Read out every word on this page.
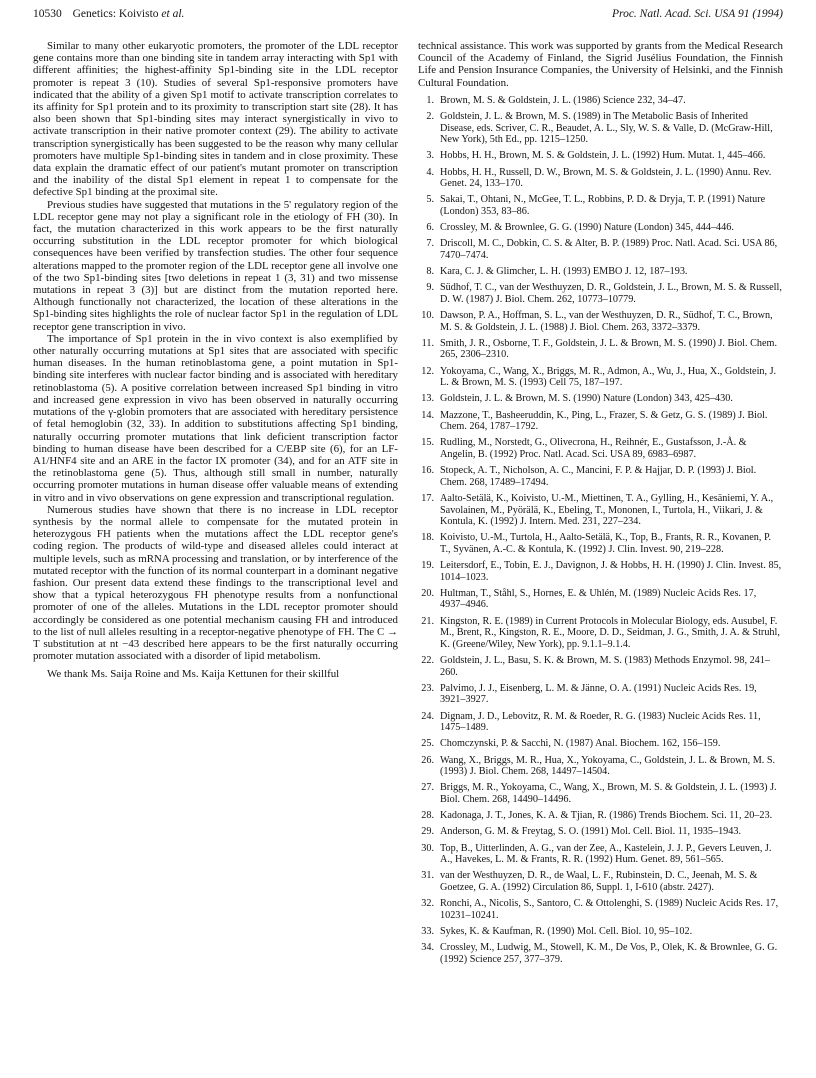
10530 Genetics: Koivisto et al.	Proc. Natl. Acad. Sci. USA 91 (1994)

Similar to many other eukaryotic promoters, the promoter of the LDL receptor gene contains more than one binding site in tandem array interacting with Sp1 with different affinities; the highest-affinity Sp1-binding site in the LDL receptor promoter is repeat 3 (10). Studies of several Sp1-responsive promoters have indicated that the ability of a given Sp1 motif to activate transcription correlates to its affinity for Sp1 protein and to its proximity to transcription start site (28). It has also been shown that Sp1-binding sites may interact synergistically in vivo to activate transcription in their native promoter context (29). The ability to activate transcription synergistically has been suggested to be the reason why many cellular promoters have multiple Sp1-binding sites in tandem and in close proximity. These data explain the dramatic effect of our patient's mutant promoter on transcription and the inability of the distal Sp1 element in repeat 1 to compensate for the defective Sp1 binding at the proximal site.

Previous studies have suggested that mutations in the 5' regulatory region of the LDL receptor gene may not play a significant role in the etiology of FH (30). In fact, the mutation characterized in this work appears to be the first naturally occurring substitution in the LDL receptor promoter for which biological consequences have been verified by transfection studies. The other four sequence alterations mapped to the promoter region of the LDL receptor gene all involve one of the two Sp1-binding sites [two deletions in repeat 1 (3, 31) and two missense mutations in repeat 3 (3)] but are distinct from the mutation reported here. Although functionally not characterized, the location of these alterations in the Sp1-binding sites highlights the role of nuclear factor Sp1 in the regulation of LDL receptor gene transcription in vivo.

The importance of Sp1 protein in the in vivo context is also exemplified by other naturally occurring mutations at Sp1 sites that are associated with specific human diseases. In the human retinoblastoma gene, a point mutation in Sp1-binding site interferes with nuclear factor binding and is associated with hereditary retinoblastoma (5). A positive correlation between increased Sp1 binding in vitro and increased gene expression in vivo has been observed in naturally occurring mutations of the γ-globin promoters that are associated with hereditary persistence of fetal hemoglobin (32, 33). In addition to substitutions affecting Sp1 binding, naturally occurring promoter mutations that link deficient transcription factor binding to human disease have been described for a C/EBP site (6), for an LF-A1/HNF4 site and an ARE in the factor IX promoter (34), and for an ATF site in the retinoblastoma gene (5). Thus, although still small in number, naturally occurring promoter mutations in human disease offer valuable means of extending in vitro and in vivo observations on gene expression and transcriptional regulation.

Numerous studies have shown that there is no increase in LDL receptor synthesis by the normal allele to compensate for the mutated protein in heterozygous FH patients when the mutations affect the LDL receptor gene's coding region. The products of wild-type and diseased alleles could interact at multiple levels, such as mRNA processing and translation, or by interference of the mutated receptor with the function of its normal counterpart in a dominant negative fashion. Our present data extend these findings to the transcriptional level and show that a typical heterozygous FH phenotype results from a nonfunctional promoter of one of the alleles. Mutations in the LDL receptor promoter should accordingly be considered as one potential mechanism causing FH and introduced to the list of null alleles resulting in a receptor-negative phenotype of FH. The C → T substitution at nt −43 described here appears to be the first naturally occurring promoter mutation associated with a disorder of lipid metabolism.

We thank Ms. Saija Roine and Ms. Kaija Kettunen for their skillful

technical assistance. This work was supported by grants from the Medical Research Council of the Academy of Finland, the Sigrid Jusélius Foundation, the Finnish Life and Pension Insurance Companies, the University of Helsinki, and the Finnish Cultural Foundation.

1. Brown, M. S. & Goldstein, J. L. (1986) Science 232, 34–47.
2. Goldstein, J. L. & Brown, M. S. (1989) in The Metabolic Basis of Inherited Disease, eds. Scriver, C. R., Beaudet, A. L., Sly, W. S. & Valle, D. (McGraw-Hill, New York), 5th Ed., pp. 1215–1250.
3. Hobbs, H. H., Brown, M. S. & Goldstein, J. L. (1992) Hum. Mutat. 1, 445–466.
4. Hobbs, H. H., Russell, D. W., Brown, M. S. & Goldstein, J. L. (1990) Annu. Rev. Genet. 24, 133–170.
5. Sakai, T., Ohtani, N., McGee, T. L., Robbins, P. D. & Dryja, T. P. (1991) Nature (London) 353, 83–86.
6. Crossley, M. & Brownlee, G. G. (1990) Nature (London) 345, 444–446.
7. Driscoll, M. C., Dobkin, C. S. & Alter, B. P. (1989) Proc. Natl. Acad. Sci. USA 86, 7470–7474.
8. Kara, C. J. & Glimcher, L. H. (1993) EMBO J. 12, 187–193.
9. Südhof, T. C., van der Westhuyzen, D. R., Goldstein, J. L., Brown, M. S. & Russell, D. W. (1987) J. Biol. Chem. 262, 10773–10779.
10. Dawson, P. A., Hoffman, S. L., van der Westhuyzen, D. R., Südhof, T. C., Brown, M. S. & Goldstein, J. L. (1988) J. Biol. Chem. 263, 3372–3379.
11. Smith, J. R., Osborne, T. F., Goldstein, J. L. & Brown, M. S. (1990) J. Biol. Chem. 265, 2306–2310.
12. Yokoyama, C., Wang, X., Briggs, M. R., Admon, A., Wu, J., Hua, X., Goldstein, J. L. & Brown, M. S. (1993) Cell 75, 187–197.
13. Goldstein, J. L. & Brown, M. S. (1990) Nature (London) 343, 425–430.
14. Mazzone, T., Basheeruddin, K., Ping, L., Frazer, S. & Getz, G. S. (1989) J. Biol. Chem. 264, 1787–1792.
15. Rudling, M., Norstedt, G., Olivecrona, H., Reihnér, E., Gustafsson, J.-Å. & Angelin, B. (1992) Proc. Natl. Acad. Sci. USA 89, 6983–6987.
16. Stopeck, A. T., Nicholson, A. C., Mancini, F. P. & Hajjar, D. P. (1993) J. Biol. Chem. 268, 17489–17494.
17. Aalto-Setälä, K., Koivisto, U.-M., Miettinen, T. A., Gylling, H., Kesäniemi, Y. A., Savolainen, M., Pyörälä, K., Ebeling, T., Mononen, I., Turtola, H., Viikari, J. & Kontula, K. (1992) J. Intern. Med. 231, 227–234.
18. Koivisto, U.-M., Turtola, H., Aalto-Setälä, K., Top, B., Frants, R. R., Kovanen, P. T., Syvänen, A.-C. & Kontula, K. (1992) J. Clin. Invest. 90, 219–228.
19. Leitersdorf, E., Tobin, E. J., Davignon, J. & Hobbs, H. H. (1990) J. Clin. Invest. 85, 1014–1023.
20. Hultman, T., Ståhl, S., Hornes, E. & Uhlén, M. (1989) Nucleic Acids Res. 17, 4937–4946.
21. Kingston, R. E. (1989) in Current Protocols in Molecular Biology, eds. Ausubel, F. M., Brent, R., Kingston, R. E., Moore, D. D., Seidman, J. G., Smith, J. A. & Struhl, K. (Greene/Wiley, New York), pp. 9.1.1–9.1.4.
22. Goldstein, J. L., Basu, S. K. & Brown, M. S. (1983) Methods Enzymol. 98, 241–260.
23. Palvimo, J. J., Eisenberg, L. M. & Jänne, O. A. (1991) Nucleic Acids Res. 19, 3921–3927.
24. Dignam, J. D., Lebovitz, R. M. & Roeder, R. G. (1983) Nucleic Acids Res. 11, 1475–1489.
25. Chomczynski, P. & Sacchi, N. (1987) Anal. Biochem. 162, 156–159.
26. Wang, X., Briggs, M. R., Hua, X., Yokoyama, C., Goldstein, J. L. & Brown, M. S. (1993) J. Biol. Chem. 268, 14497–14504.
27. Briggs, M. R., Yokoyama, C., Wang, X., Brown, M. S. & Goldstein, J. L. (1993) J. Biol. Chem. 268, 14490–14496.
28. Kadonaga, J. T., Jones, K. A. & Tjian, R. (1986) Trends Biochem. Sci. 11, 20–23.
29. Anderson, G. M. & Freytag, S. O. (1991) Mol. Cell. Biol. 11, 1935–1943.
30. Top, B., Uitterlinden, A. G., van der Zee, A., Kastelein, J. J. P., Gevers Leuven, J. A., Havekes, L. M. & Frants, R. R. (1992) Hum. Genet. 89, 561–565.
31. van der Westhuyzen, D. R., de Waal, L. F., Rubinstein, D. C., Jeenah, M. S. & Goetzee, G. A. (1992) Circulation 86, Suppl. 1, I-610 (abstr. 2427).
32. Ronchi, A., Nicolis, S., Santoro, C. & Ottolenghi, S. (1989) Nucleic Acids Res. 17, 10231–10241.
33. Sykes, K. & Kaufman, R. (1990) Mol. Cell. Biol. 10, 95–102.
34. Crossley, M., Ludwig, M., Stowell, K. M., De Vos, P., Olek, K. & Brownlee, G. G. (1992) Science 257, 377–379.
